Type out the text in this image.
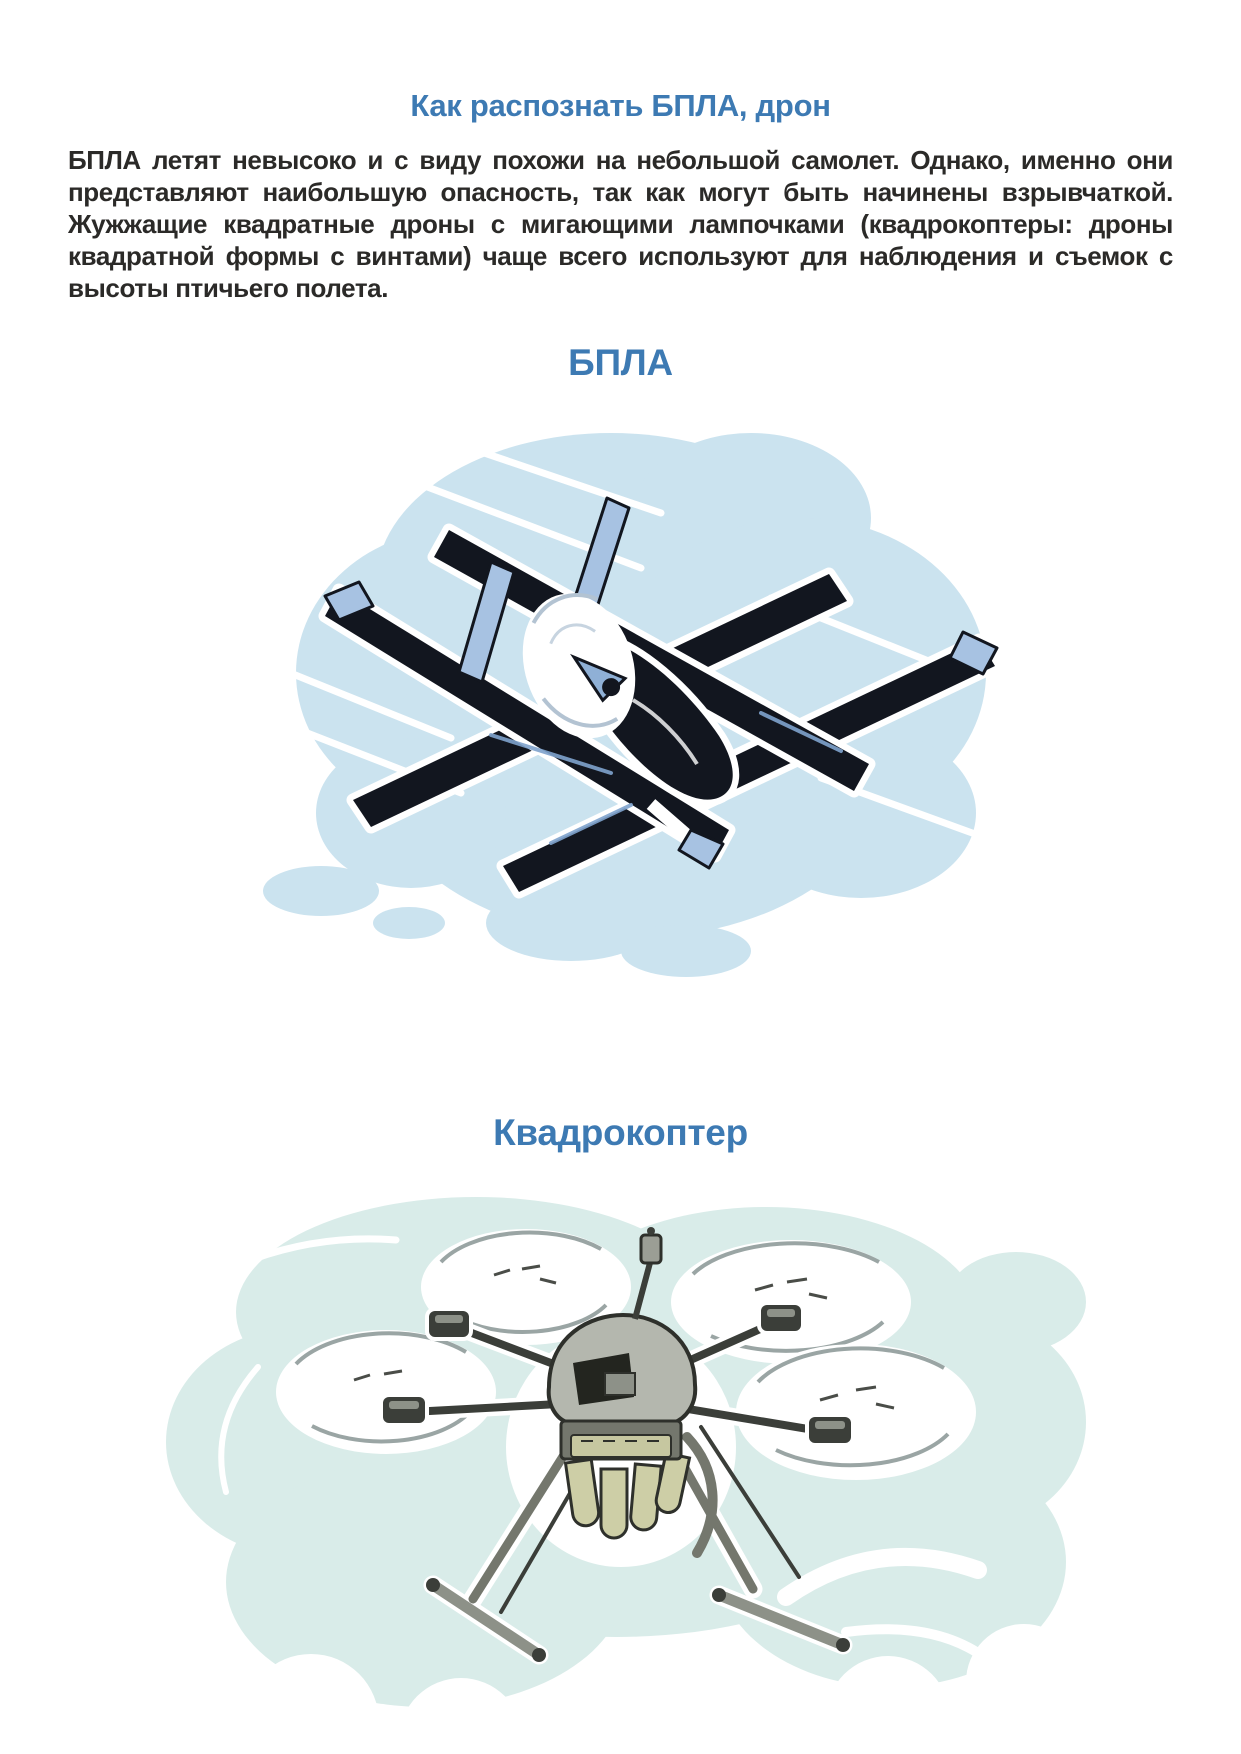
Как распознать БПЛА, дрон

БПЛА летят невысоко и с виду похожи на небольшой самолет. Однако, именно они представляют наибольшую опасность, так как могут быть начинены взрывчаткой. Жужжащие квадратные дроны с мигающими лампочками (квадрокоптеры: дроны квадратной формы с винтами) чаще всего используют для наблюдения и съемок с высоты птичьего полета.

БПЛА
Квадрокоптер
